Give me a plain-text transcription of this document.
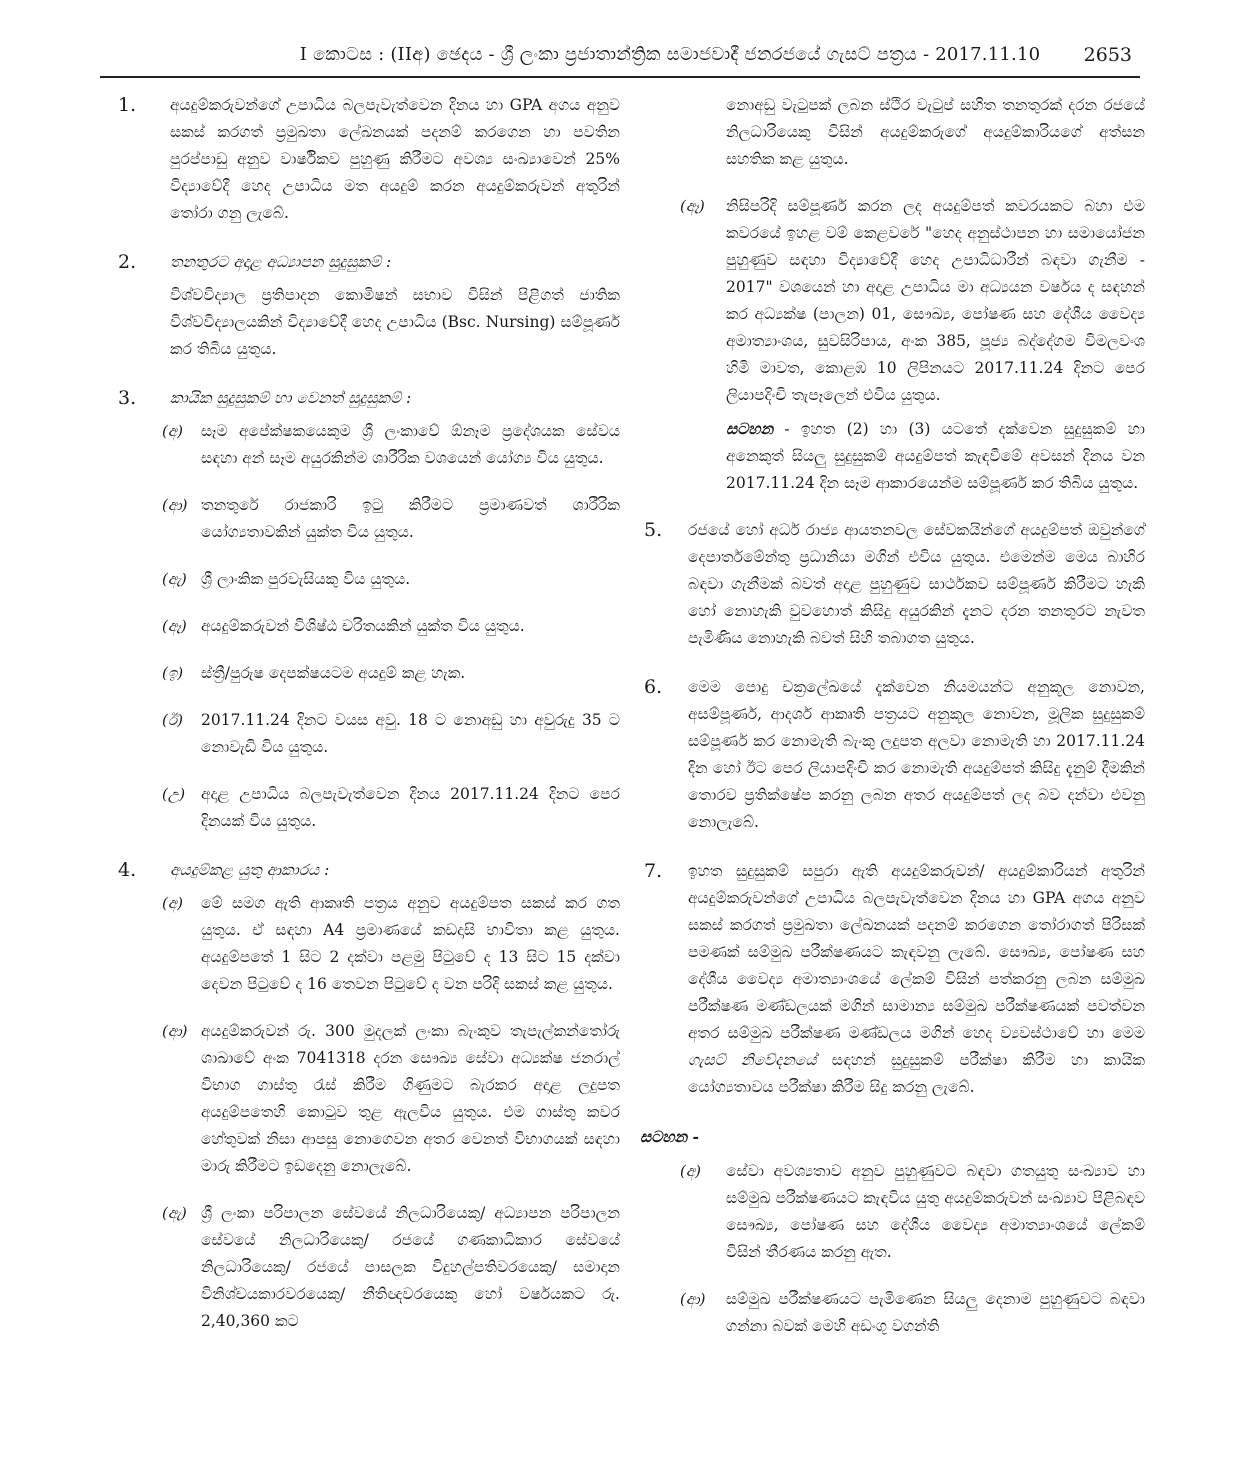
I කොටස : (IIඅ) ඡෙදය - ශ්‍රී ලංකා ප්‍රජාතාන්ත්‍රික සමාජවාදී ජනරජයේ ගැසට් පත්‍රය - 2017.11.10	2653
1. අයදුම්කරුවන්ගේ උපාධිය බලපැවැත්වෙන දිනය හා GPA අගය අනුව සකස් කරගත් ප්‍රමුඛතා ලේඛනයක් පදනම් කරගෙන හා පවතින පුරප්පාඩු අනුව වාර්ෂිකව පුහුණු කිරීමට අවශ්‍ය සංඛ්‍යාවෙන් 25% විද්‍යාවේදී හෙද උපාධිය මත අයදුම් කරන අයදුම්කරුවන් අතුරින් තෝරා ගනු ලැබේ.
2. තනතුරට අදාළ අධ්‍යාපන සුදුසුකම් :
විශ්වවිද්‍යාල ප්‍රතිපාදන කොමිෂන් සභාව විසින් පිළිගත් ජාතික විශ්වවිද්‍යාලයකින් විද්‍යාවේදී හෙද උපාධිය (Bsc. Nursing) සම්පූර්ණ කර තිබිය යුතුය.
3. කායික සුදුසුකම් හා වෙනත් සුදුසුකම් :
(අ) සෑම අපේක්ෂකයෙකුම ශ්‍රී ලංකාවේ ඕනෑම ප්‍රදේශයක සේවය සඳහා අන් සෑම අයුරකින්ම ශාරීරික වශයෙන් යෝග්‍ය විය යුතුය.
(ආ) තනතුරේ රාජකාරි ඉටු කිරීමට ප්‍රමාණවත් ශාරීරික යෝග්‍යතාවකින් යුක්ත විය යුතුය.
(ඇ) ශ්‍රී ලාංකික පුරවැසියකු විය යුතුය.
(ඈ) අයදුම්කරුවන් විශිෂ්ඨ චරිතයකින් යුක්ත විය යුතුය.
(ඉ) ස්ත්‍රී/පුරුෂ දෙපක්ෂයටම අයදුම් කළ හැක.
(ඊ) 2017.11.24 දිනට වයස අවු. 18 ට නොඅඩු හා අවුරුදු 35 ට නොවැඩි විය යුතුය.
(උ) අදාළ උපාධිය බලපැවැත්වෙන දිනය 2017.11.24 දිනට පෙර දිනයක් විය යුතුය.
4. අයදුම්කළ යුතු ආකාරය :
(අ) මේ සමග ඇති ආකෘති පත්‍රය අනුව අයදුම්පත සකස් කර ගත යුතුය. ඒ සඳහා A4 ප්‍රමාණයේ කඩදාසි භාවිතා කළ යුතුය. අයදුම්පතේ 1 සිට 2 දක්වා පළමු පිටුවේ ද 13 සිට 15 දක්වා දෙවන පිටුවේ ද 16 තෙවන පිටුවේ ද වන පරිදි සකස් කළ යුතුය.
(ආ) අයදුම්කරුවන් රු. 300 මුදලක් ලංකා බැංකුව තැපැල්කන්තෝරු ශාඛාවේ අංක 7041318 දරන සෞඛ්‍ය සේවා අධ්‍යක්ෂ ජනරාල් විභාග ගාස්තු රැස් කිරීම ගිණුමට බැරකර අදාළ ලදුපත අයදුම්පතෙහි කොටුව තුළ ඇලවිය යුතුය. එම ගාස්තු කවර හේතුවක් නිසා ආපසු නොගෙවන අතර වෙනත් විභාගයක් සඳහා මාරු කිරීමට ඉඩදෙනු නොලැබේ.
(ඇ) ශ්‍රී ලංකා පරිපාලන සේවයේ නිලධාරියෙකු/ අධ්‍යාපන පරිපාලන සේවයේ නිලධාරියෙකු/ රජයේ ගණකාධිකාර සේවයේ නිලධාරියෙකු/ රජයේ පාසලක විදුහල්පතිවරයෙකු/ සමාදාන විනිශ්චයකාරවරයෙකු/ නීතිඥවරයෙකු හෝ වර්ෂයකට රු. 2,40,360 කට
නොඅඩු වැටුපක් ලබන ස්ථිර වැටුප් සහිත තනතුරක් දරන රජයේ නිලධාරියෙකු විසින් අයදුම්කරුගේ අයදුම්කාරියගේ අත්සන සහතික කළ යුතුය.
(ඈ) නිසිපරිදි සම්පූර්ණ කරන ලද අයදුම්පත් කවරයකට බහා එම කවරයේ ඉහළ වම් කෙළවරේ "හෙද අනුස්ථාපන හා සමායෝජන පුහුණුව සඳහා විද්‍යාවේදී හෙද උපාධිධාරීන් බඳවා ගැනීම - 2017" වශයෙන් හා අදාළ උපාධිය මා අධ්‍යයන වර්ෂය ද සඳහන් කර අධ්‍යක්ෂ (පාලන) 01, සෞඛ්‍ය, පෝෂණ සහ දේශීය වෛද්‍ය අමාත්‍යාංශය, සුවසිරිපාය, අංක 385, පූජ්‍ය බද්දේගම විමලවංශ හිමි මාවත, කොළඹ 10 ලිපිනයට 2017.11.24 දිනට පෙර ලියාපදිංචි තැපෑලෙන් එවිය යුතුය.
සටහන - ඉහත (2) හා (3) යටතේ දක්වෙන සුදුසුකම් හා අනෙකුත් සියලු සුදුසුකම් අයදුම්පත් කැඳවීමේ අවසන් දිනය වන 2017.11.24 දින සෑම ආකාරයෙන්ම සම්පූර්ණ කර තිබිය යුතුය.
5. රජයේ හෝ අර්ධ රාජ්‍ය ආයතනවල සේවකයින්ගේ අයදුම්පත් ඔවුන්ගේ දෙපාර්තමේන්තු ප්‍රධානියා මගින් එවිය යුතුය. එමෙන්ම මෙය බාහිර බඳවා ගැනීමක් බවත් අදාළ පුහුණුව සාර්ථකව සම්පූර්ණ කිරීමට හැකි හෝ නොහැකි වුවහොත් කිසිදු අයුරකින් දැනට දරන තනතුරට නැවත පැමිණිය නොහැකි බවත් සිහි තබාගත යුතුය.
6. මෙම පොදු චක්‍රලේඛයේ දැක්වෙන නියමයන්ට අනුකූල නොවන, අසම්පූර්ණ, ආදර්ශ ආකෘති පත්‍රයට අනුකූල නොවන, මූලික සුදුසුකම් සම්පූර්ණ කර නොමැති බැංකු ලදුපත අලවා නොමැති හා 2017.11.24 දින හෝ ඊට පෙර ලියාපදිංචි කර නොමැති අයදුම්පත් කිසිදු දැනුම් දීමකින් තොරව ප්‍රතික්ෂේප කරනු ලබන අතර අයදුම්පත් ලද බව දන්වා එවනු නොලැබේ.
7. ඉහත සුදුසුකම් සපුරා ඇති අයදුම්කරුවන්/ අයදුම්කාරියන් අතුරින් අයදුම්කරුවන්ගේ උපාධිය බලපැවැත්වෙන දිනය හා GPA අගය අනුව සකස් කරගත් ප්‍රමුඛතා ලේඛනයක් පදනම් කරගෙන තෝරාගත් පිරිසක් පමණක් සම්මුඛ පරීක්ෂණයට කැඳවනු ලැබේ. සෞඛ්‍ය, පෝෂණ සහ දේශීය වෛද්‍ය අමාත්‍යාංශයේ ලේකම් විසින් පත්කරනු ලබන සම්මුඛ පරීක්ෂණ මණ්ඩලයක් මගින් සාමාන්‍ය සම්මුඛ පරීක්ෂණයක් පවත්වන අතර සම්මුඛ පරීක්ෂණ මණ්ඩලය මගින් හෙද ව්‍යවස්ථාවේ හා මෙම ගැසට් නිවේදනයේ සඳහන් සුදුසුකම් පරීක්ෂා කිරීම හා කායික යෝග්‍යතාවය පරීක්ෂා කිරීම සිදු කරනු ලැබේ.
සටහන -
(අ) සේවා අවශ්‍යතාව අනුව පුහුණුවට බඳවා ගතයුතු සංඛ්‍යාව හා සම්මුඛ පරීක්ෂණයට කැඳවිය යුතු අයදුම්කරුවන් සංඛ්‍යාව පිළිබඳව සෞඛ්‍ය, පෝෂණ සහ දේශීය වෛද්‍ය අමාත්‍යාංශයේ ලේකම් විසින් තීරණය කරනු ඇත.
(ආ) සම්මුඛ පරීක්ෂණයට පැමිණෙන සියලු දෙනාම පුහුණුවට බඳවා ගන්නා බවක් මෙහි අඩංගු වගන්ති
